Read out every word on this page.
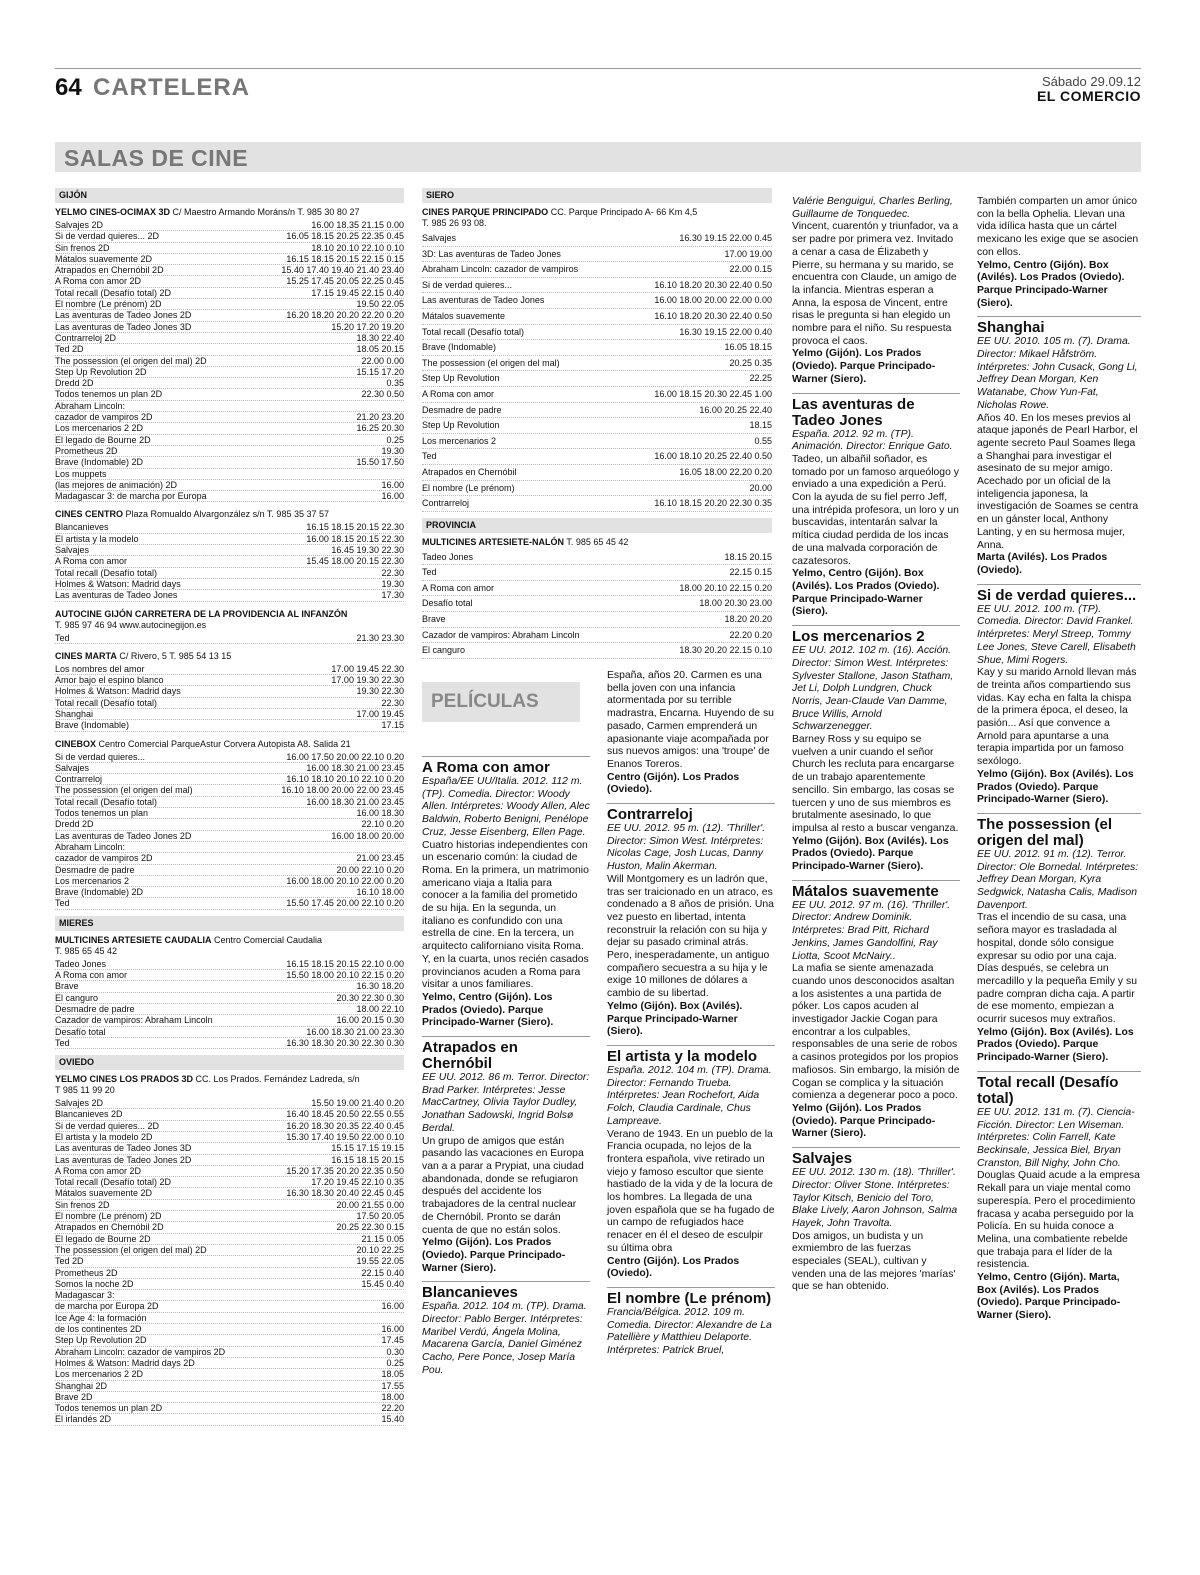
64 CARTELERA	Sábado 29.09.12
EL COMERCIO
SALAS DE CINE
GIJÓN
YELMO CINES-OCIMAX 3D C/ Maestro Armando Moráns/n T. 985 30 80 27
Salvajes 2D	16.00 18.35 21.15 0.00
Si de verdad quieres... 2D	16.05 18.15 20.25 22.35 0.45
Sin frenos 2D	18.10 20.10 22.10 0.10
Mátalos suavemente 2D	16.15 18.15 20.15 22.15 0.15
Atrapados en Chernóbil 2D	15.40 17.40 19.40 21.40 23.40
A Roma con amor 2D	15.25 17.45 20.05 22.25 0.45
Total recall (Desafío total) 2D	17.15 19.45 22.15 0.40
El nombre (Le prénom) 2D	19.50 22.05
Las aventuras de Tadeo Jones 2D	16.20 18.20 20.20 22.20 0.20
Las aventuras de Tadeo Jones 3D	15.20 17.20 19.20
Contrarreloj 2D	18.30 22.40
Ted 2D	18.05 20.15
The possession (el origen del mal) 2D	22.00 0.00
Step Up Revolution 2D	15.15 17.20
Dredd 2D	0.35
Todos tenemos un plan 2D	22.30 0.50
Abraham Lincoln:
cazador de vampiros 2D	21.20 23.20
Los mercenarios 2 2D	16.25 20.30
El legado de Bourne 2D	0.25
Prometheus 2D	19.30
Brave (Indomable) 2D	15.50 17.50
Los muppets
(las mejores de animación) 2D	16.00
Madagascar 3: de marcha por Europa	16.00
CINES CENTRO Plaza Romualdo Alvargonzález s/n T. 985 35 37 57
Blancanieves	16.15 18.15 20.15 22.30
El artista y la modelo	16.00 18.15 20.15 22.30
Salvajes	16.45 19.30 22.30
A Roma con amor	15.45 18.00 20.15 22.30
Total recall (Desafío total)	22.30
Holmes & Watson: Madrid days	19.30
Las aventuras de Tadeo Jones	17.30
AUTOCINE GIJÓN CARRETERA DE LA PROVIDENCIA AL INFANZÓN
T. 985 97 46 94 www.autocinegijon.es
Ted	21.30 23.30
CINES MARTA C/ Rivero, 5 T. 985 54 13 15
Los nombres del amor	17.00 19.45 22.30
Amor bajo el espino blanco	17.00 19.30 22.30
Holmes & Watson: Madrid days	19.30 22.30
Total recall (Desafío total)	22.30
Shanghai	17.00 19.45
Brave (Indomable)	17.15
CINEBOX Centro Comercial ParqueAstur Corvera Autopista A8. Salida 21
Si de verdad quieres...	16.00 17.50 20.00 22.10 0.20
Salvajes	16.00 18.30 21.00 23.45
Contrarreloj	16.10 18.10 20.10 22.10 0.20
The possession (el origen del mal)	16.10 18.00 20.00 22.00 23.45
Total recall (Desafío total)	16.00 18.30 21.00 23.45
Todos tenemos un plan	16.00 18.30
Dredd 2D	22.10 0.20
Las aventuras de Tadeo Jones 2D	16.00 18.00 20.00
Abraham Lincoln:
cazador de vampiros 2D	21.00 23.45
Desmadre de padre	20.00 22.10 0.20
Los mercenarios 2	16.00 18.00 20.10 22.00 0.20
Brave (Indomable) 2D	16.10 18.00
Ted	15.50 17.45 20.00 22.10 0.20
MIERES
MULTICINES ARTESIETE CAUDALIA Centro Comercial Caudalia
T. 985 65 45 42
Tadeo Jones	16.15 18.15 20.15 22.10 0.00
A Roma con amor	15.50 18.00 20.10 22.15 0.20
Brave	16.30 18.20
El canguro	20.30 22.30 0.30
Desmadre de padre	18.00 22.10
Cazador de vampiros: Abraham Lincoln	16.00 20.15 0.30
Desafío total	16.00 18.30 21.00 23.30
Ted	16.30 18.30 20.30 22.30 0.30
OVIEDO
YELMO CINES LOS PRADOS 3D CC. Los Prados. Fernández Ladreda, s/n
T 985 11 99 20
Salvajes 2D	15.50 19.00 21.40 0.20
Blancanieves 2D	16.40 18.45 20.50 22.55 0.55
Si de verdad quieres... 2D	16.20 18.30 20.35 22.40 0.45
El artista y la modelo 2D	15.30 17.40 19.50 22.00 0.10
Las aventuras de Tadeo Jones 3D	15.15 17.15 19.15
Las aventuras de Tadeo Jones 2D	16.15 18.15 20.15
A Roma con amor 2D	15.20 17.35 20.20 22.35 0.50
Total recall (Desafío total) 2D	17.20 19.45 22.10 0.35
Mátalos suavemente 2D	16.30 18.30 20.40 22.45 0.45
Sin frenos 2D	20.00 21.55 0.00
El nombre (Le prénom) 2D	17.50 20.05
Atrapados en Chernóbil 2D	20.25 22.30 0.15
El legado de Bourne 2D	21.15 0.05
The possession (el origen del mal) 2D	20.10 22.25
Ted 2D	19.55 22.05
Prometheus 2D	22.15 0.40
Somos la noche 2D	15.45 0.40
Madagascar 3:
de marcha por Europa 2D	16.00
Ice Age 4: la formación
de los continentes 2D	16.00
Step Up Revolution 2D	17.45
Abraham Lincoln: cazador de vampiros 2D	0.30
Holmes & Watson: Madrid days 2D	0.25
Los mercenarios 2 2D	18.05
Shanghai 2D	17.55
Brave 2D	18.00
Todos tenemos un plan 2D	22.20
El irlandés 2D	15.40
SIERO
CINES PARQUE PRINCIPADO CC. Parque Principado A- 66 Km 4,5
T. 985 26 93 08.
Salvajes	16.30 19.15 22.00 0.45
3D: Las aventuras de Tadeo Jones	17.00 19.00
Abraham Lincoln: cazador de vampiros	22.00 0.15
Si de verdad quieres...	16.10 18.20 20.30 22.40 0.50
Las aventuras de Tadeo Jones	16.00 18.00 20.00 22.00 0.00
Mátalos suavemente	16.10 18.20 20.30 22.40 0.50
Total recall (Desafío total)	16.30 19.15 22.00 0.40
Brave (Indomable)	16.05 18.15
The possession (el origen del mal)	20.25 0.35
Step Up Revolution	22.25
A Roma con amor	16.00 18.15 20.30 22.45 1.00
Desmadre de padre	16.00 20.25 22.40
Step Up Revolution	18.15
Los mercenarios 2	0.55
Ted	16.00 18.10 20.25 22.40 0.50
Atrapados en Chernóbil	16.05 18.00 22.20 0.20
El nombre (Le prénom)	20.00
Contrarreloj	16.10 18.15 20.20 22.30 0.35
PROVINCIA
MULTICINES ARTESIETE-NALÓN T. 985 65 45 42
Tadeo Jones	18.15 20.15
Ted	22.15 0.15
A Roma con amor	18.00 20.10 22.15 0.20
Desafío total	18.00 20.30 23.00
Brave	18.20 20.20
Cazador de vampiros: Abraham Lincoln	22.20 0.20
El canguro	18.30 20.20 22.15 0.10
PELÍCULAS
A Roma con amor
España/EE UU/Italia. 2012. 112 m. (TP). Comedia. Director: Woody Allen. Intérpretes: Woody Allen, Alec Baldwin, Roberto Benigni, Penélope Cruz, Jesse Eisenberg, Ellen Page.
Cuatro historias independientes con un escenario común: la ciudad de Roma. En la primera, un matrimonio americano viaja a Italia para conocer a la familia del prometido de su hija. En la segunda, un italiano es confundido con una estrella de cine. En la tercera, un arquitecto californiano visita Roma. Y, en la cuarta, unos recién casados provincianos acuden a Roma para visitar a unos familiares.
Yelmo, Centro (Gijón). Los Prados (Oviedo). Parque Principado-Warner (Siero).
Atrapados en Chernóbil
EE UU. 2012. 86 m. Terror. Director: Brad Parker. Intérpretes: Jesse MacCartney, Olivia Taylor Dudley, Jonathan Sadowski, Ingrid Bolsø Berdal.
Un grupo de amigos que están pasando las vacaciones en Europa van a a parar a Prypiat, una ciudad abandonada, donde se refugiaron después del accidente los trabajadores de la central nuclear de Chernóbil. Pronto se darán cuenta de que no están solos.
Yelmo (Gijón). Los Prados (Oviedo). Parque Principado-Warner (Siero).
Blancanieves
España. 2012. 104 m. (TP). Drama. Director: Pablo Berger. Intérpretes: Maribel Verdú, Ángela Molina, Macarena García, Daniel Giménez Cacho, Pere Ponce, Josep María Pou.
España, años 20. Carmen es una bella joven con una infancia atormentada por su terrible madrastra, Encarna. Huyendo de su pasado, Carmen emprenderá un apasionante viaje acompañada por sus nuevos amigos: una 'troupe' de Enanos Toreros.
Centro (Gijón). Los Prados (Oviedo).
Contrarreloj
EE UU. 2012. 95 m. (12). 'Thriller'. Director: Simon West. Intérpretes: Nicolas Cage, Josh Lucas, Danny Huston, Malin Akerman.
Will Montgomery es un ladrón que, tras ser traicionado en un atraco, es condenado a 8 años de prisión. Una vez puesto en libertad, intenta reconstruir la relación con su hija y dejar su pasado criminal atrás. Pero, inesperadamente, un antiguo compañero secuestra a su hija y le exige 10 millones de dólares a cambio de su libertad.
Yelmo (Gijón). Box (Avilés). Parque Principado-Warner (Siero).
El artista y la modelo
España. 2012. 104 m. (TP). Drama. Director: Fernando Trueba. Intérpretes: Jean Rochefort, Aida Folch, Claudia Cardinale, Chus Lampreave.
Verano de 1943. En un pueblo de la Francia ocupada, no lejos de la frontera española, vive retirado un viejo y famoso escultor que siente hastiado de la vida y de la locura de los hombres. La llegada de una joven española que se ha fugado de un campo de refugiados hace renacer en él el deseo de esculpir su última obra
Centro (Gijón). Los Prados (Oviedo).
El nombre (Le prénom)
Francia/Bélgica. 2012. 109 m. Comedia. Director: Alexandre de La Patellière y Matthieu Delaporte. Intérpretes: Patrick Bruel,
Valérie Benguigui, Charles Berling, Guillaume de Tonquedec.
Vincent, cuarentón y triunfador, va a ser padre por primera vez. Invitado a cenar a casa de Élizabeth y Pierre, su hermana y su marido, se encuentra con Claude, un amigo de la infancia. Mientras esperan a Anna, la esposa de Vincent, entre risas le pregunta si han elegido un nombre para el niño. Su respuesta provoca el caos.
Yelmo (Gijón). Los Prados (Oviedo). Parque Principado-Warner (Siero).
Las aventuras de Tadeo Jones
España. 2012. 92 m. (TP). Animación. Director: Enrique Gato.
Tadeo, un albañil soñador, es tomado por un famoso arqueólogo y enviado a una expedición a Perú. Con la ayuda de su fiel perro Jeff, una intrépida profesora, un loro y un buscavidas, intentarán salvar la mítica ciudad perdida de los incas de una malvada corporación de cazatesoros.
Yelmo, Centro (Gijón). Box (Avilés). Los Prados (Oviedo). Parque Principado-Warner (Siero).
Los mercenarios 2
EE UU. 2012. 102 m. (16). Acción. Director: Simon West. Intérpretes: Sylvester Stallone, Jason Statham, Jet Li, Dolph Lundgren, Chuck Norris, Jean-Claude Van Damme, Bruce Willis, Arnold Schwarzenegger.
Barney Ross y su equipo se vuelven a unir cuando el señor Church les recluta para encargarse de un trabajo aparentemente sencillo. Sin embargo, las cosas se tuercen y uno de sus miembros es brutalmente asesinado, lo que impulsa al resto a buscar venganza.
Yelmo (Gijón). Box (Avilés). Los Prados (Oviedo). Parque Principado-Warner (Siero).
Mátalos suavemente
EE UU. 2012. 97 m. (16). 'Thriller'. Director: Andrew Dominik. Intérpretes: Brad Pitt, Richard Jenkins, James Gandolfini, Ray Liotta, Scoot McNairy..
La mafia se siente amenazada cuando unos desconocidos asaltan a los asistentes a una partida de póker. Los capos acuden al investigador Jackie Cogan para encontrar a los culpables, responsables de una serie de robos a casinos protegidos por los propios mafiosos. Sin embargo, la misión de Cogan se complica y la situación comienza a degenerar poco a poco.
Yelmo (Gijón). Los Prados (Oviedo). Parque Principado-Warner (Siero).
Salvajes
EE UU. 2012. 130 m. (18). 'Thriller'. Director: Oliver Stone. Intérpretes: Taylor Kitsch, Benicio del Toro, Blake Lively, Aaron Johnson, Salma Hayek, John Travolta.
Dos amigos, un budista y un exmiembro de las fuerzas especiales (SEAL), cultivan y venden una de las mejores 'marías' que se han obtenido.
También comparten un amor único con la bella Ophelia. Llevan una vida idílica hasta que un cártel mexicano les exige que se asocien con ellos.
Yelmo, Centro (Gijón). Box (Avilés). Los Prados (Oviedo). Parque Principado-Warner (Siero).
Shanghai
EE UU. 2010. 105 m. (7). Drama. Director: Mikael Håfström. Intérpretes: John Cusack, Gong Li, Jeffrey Dean Morgan, Ken Watanabe, Chow Yun-Fat, Nicholas Rowe.
Años 40. En los meses previos al ataque japonés de Pearl Harbor, el agente secreto Paul Soames llega a Shanghai para investigar el asesinato de su mejor amigo. Acechado por un oficial de la inteligencia japonesa, la investigación de Soames se centra en un gánster local, Anthony Lanting, y en su hermosa mujer, Anna.
Marta (Avilés). Los Prados (Oviedo).
Si de verdad quieres...
EE UU. 2012. 100 m. (TP). Comedia. Director: David Frankel. Intérpretes: Meryl Streep, Tommy Lee Jones, Steve Carell, Elisabeth Shue, Mimi Rogers.
Kay y su marido Arnold llevan más de treinta años compartiendo sus vidas. Kay echa en falta la chispa de la primera época, el deseo, la pasión... Así que convence a Arnold para apuntarse a una terapia impartida por un famoso sexólogo.
Yelmo (Gijón). Box (Avilés). Los Prados (Oviedo). Parque Principado-Warner (Siero).
The possession (el origen del mal)
EE UU. 2012. 91 m. (12). Terror. Director: Ole Bornedal. Intérpretes: Jeffrey Dean Morgan, Kyra Sedgwick, Natasha Calis, Madison Davenport.
Tras el incendio de su casa, una señora mayor es trasladada al hospital, donde sólo consigue expresar su odio por una caja. Días después, se celebra un mercadillo y la pequeña Emily y su padre compran dicha caja. A partir de ese momento, empiezan a ocurrir sucesos muy extraños.
Yelmo (Gijón). Box (Avilés). Los Prados (Oviedo). Parque Principado-Warner (Siero).
Total recall (Desafío total)
EE UU. 2012. 131 m. (7). Ciencia-Ficción. Director: Len Wiseman. Intérpretes: Colin Farrell, Kate Beckinsale, Jessica Biel, Bryan Cranston, Bill Nighy, John Cho.
Douglas Quaid acude a la empresa Rekall para un viaje mental como superespía. Pero el procedimiento fracasa y acaba perseguido por la Policía. En su huida conoce a Melina, una combatiente rebelde que trabaja para el líder de la resistencia.
Yelmo, Centro (Gijón). Marta, Box (Avilés). Los Prados (Oviedo). Parque Principado-Warner (Siero).
